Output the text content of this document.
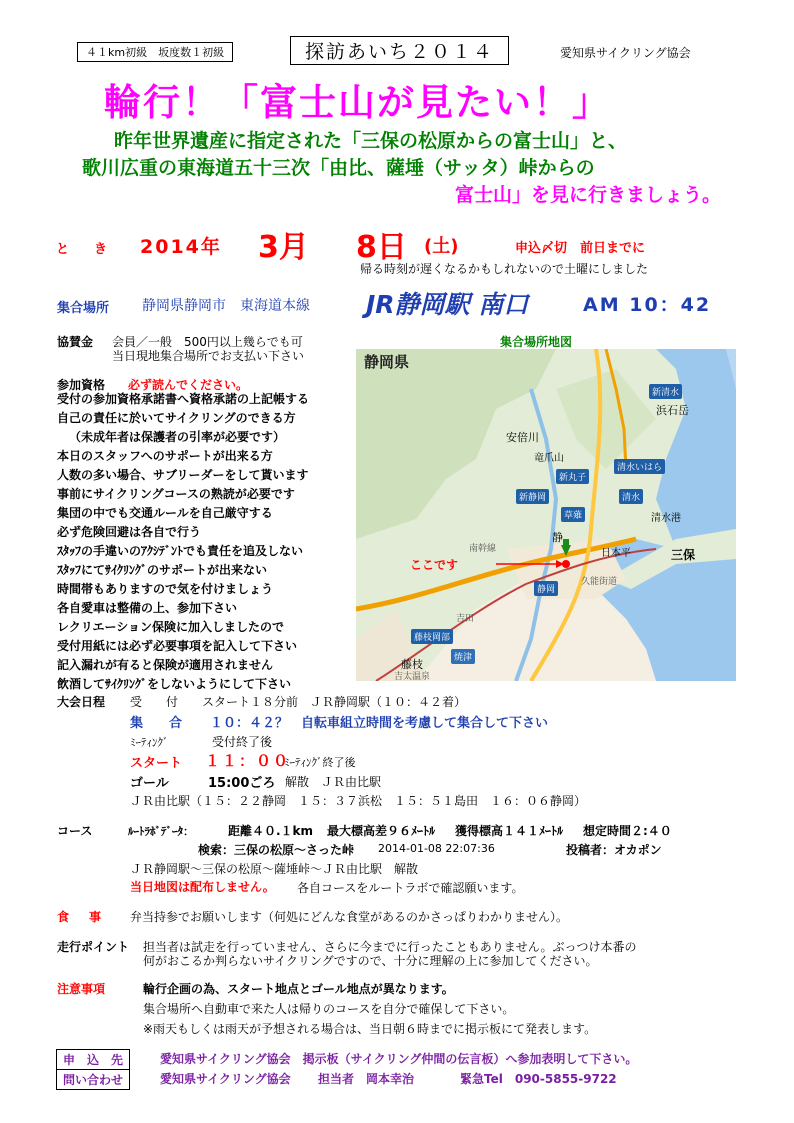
４１km初級　坂度数１初級	探訪あいち２０１４	愛知県サイクリング協会
輪行！「富士山が見たい！」
昨年世界遺産に指定された「三保の松原からの富士山」と、
歌川広重の東海道五十三次「由比、薩埵（サッタ）峠からの
富士山」を見に行きましょう。
と　き 2014年 3月 8日 (土)	申込〆切　前日までに
帰る時刻が遅くなるかもしれないので土曜にしました
集合場所 静岡県静岡市　東海道本線 JR静岡駅 南口	AM 10：42
協賛金 会員／一般　500円以上幾らでも可
当日現地集合場所でお支払い下さい
参加資格 必ず読んでください。
受付の参加資格承諾書へ資格承諾の上記帳する
自己の責任に於いてサイクリングのできる方
（未成年者は保護者の引率が必要です）
本日のスタッフへのサポートが出来る方
人数の多い場合、サブリーダーをして貰います
事前にサイクリングコースの熟読が必要です
集団の中でも交通ルールを自己厳守する
必ず危険回避は各自で行う
ｽﾀｯﾌの手違いのｱｸｼﾃﾞﾝﾄでも責任を追及しない
ｽﾀｯﾌにてｻｲｸﾘﾝｸﾞのサポートが出来ない
時間帯もありますので気を付けましょう
各自愛車は整備の上、参加下さい
レクリエーション保険に加入しましたので
受付用紙には必ず必要事項を記入して下さい
記入漏れが有ると保険が適用されません
飲酒してｻｲｸﾘﾝｸﾞをしないようにして下さい
集合場所地図
静岡県
新清水
浜石岳
安倍川
竜爪山
清水いはら
清水
清水港
新静岡
静
静岡
日本平	三保
藤枝	焼津
藤枝岡部
新丸子
草薙
久能街道
南幹線
吉田
吉太温泉
ここです
大会日程 受　　付　　スタート１８分前　ＪＲ静岡駅（１０：４２着）
集　　合 １０：４２？　自転車組立時間を考慮して集合して下さい
ﾐｰﾃｨﾝｸﾞ	受付終了後
スタート １１：００
ﾐｰﾃｨﾝｸﾞ終了後
ゴール	15:00ごろ 解散　ＪＲ由比駅
ＪＲ由比駅（１５：２２静岡　１５：３７浜松　１５：５１島田　１６：０６静岡）
コース	ﾙｰﾄﾗﾎﾞﾃﾞｰﾀ：	距離４０.１km 最大標高差９６ﾒｰﾄﾙ 獲得標高１４１ﾒｰﾄﾙ 想定時間２:４０
検索：三保の松原～さった峠 2014-01-08 22:07:36	投稿者：オカポン
ＪＲ静岡駅～三保の松原～薩埵峠～ＪＲ由比駅　解散
当日地図は配布しません。 各自コースをルートラボで確認願います。
食　事 弁当持参でお願いします（何処にどんな食堂があるのかさっぱりわかりません）。
走行ポイント 担当者は試走を行っていません、さらに今までに行ったこともありません。ぶっつけ本番の
何がおこるか判らないサイクリングですので、十分に理解の上に参加してください。
注意事項	輪行企画の為、スタート地点とゴール地点が異なります。
集合場所へ自動車で来た人は帰りのコースを自分で確保して下さい。
※雨天もしくは雨天が予想される場合は、当日朝６時までに掲示板にて発表します。
申　込　先	愛知県サイクリング協会　掲示板（サイクリング仲間の伝言板）へ参加表明して下さい。
問い合わせ	愛知県サイクリング協会 担当者　岡本幸治	緊急Tel　090-5855-9722
